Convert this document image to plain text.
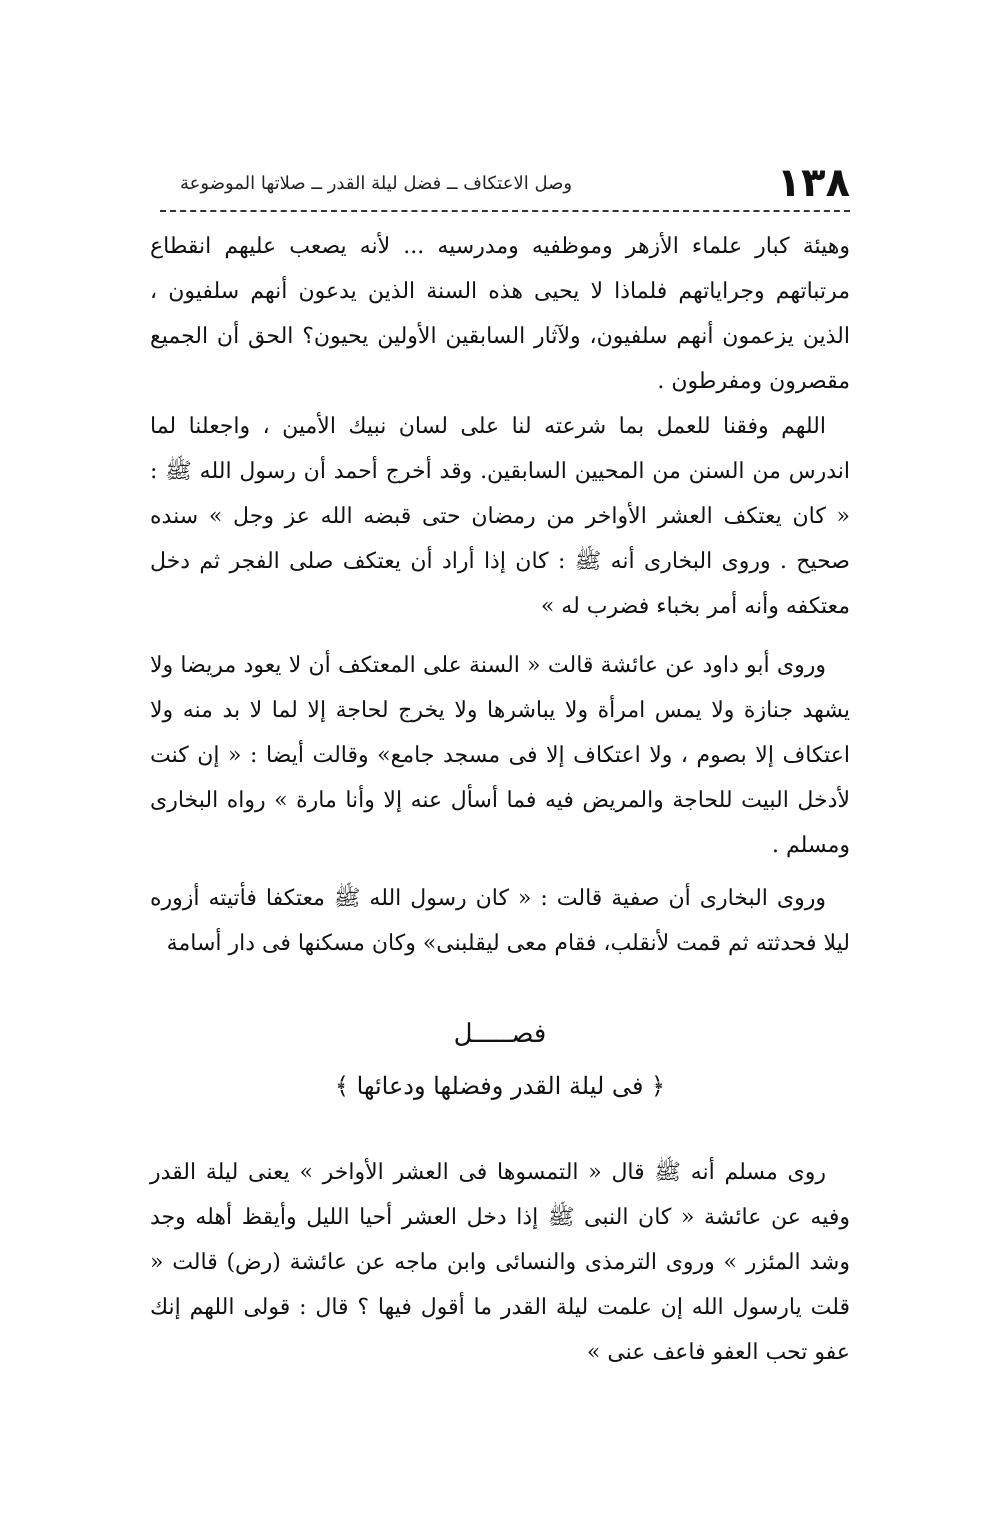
١٣٨
وصل الاعتكاف ــ فضل ليلة القدر ــ صلاتها الموضوعة

وهيئة كبار علماء الأزهر وموظفيه ومدرسيه ... لأنه يصعب عليهم انقطاع مرتباتهم وجراياتهم فلماذا لا يحيى هذه السنة الذين يدعون أنهم سلفيون ، الذين يزعمون أنهم سلفيون، ولآثار السابقين الأولين يحيون؟ الحق أن الجميع مقصرون ومفرطون .

اللهم وفقنا للعمل بما شرعته لنا على لسان نبيك الأمين ، واجعلنا لما اندرس من السنن من المحيين السابقين. وقد أخرج أحمد أن رسول الله ﷺ : « كان يعتكف العشر الأواخر من رمضان حتى قبضه الله عز وجل » سنده صحيح . وروى البخارى أنه ﷺ : كان إذا أراد أن يعتكف صلى الفجر ثم دخل معتكفه وأنه أمر بخباء فضرب له »

وروى أبو داود عن عائشة قالت « السنة على المعتكف أن لا يعود مريضا ولا يشهد جنازة ولا يمس امرأة ولا يباشرها ولا يخرج لحاجة إلا لما لا بد منه ولا اعتكاف إلا بصوم ، ولا اعتكاف إلا فى مسجد جامع» وقالت أيضا : « إن كنت لأدخل البيت للحاجة والمريض فيه فما أسأل عنه إلا وأنا مارة » رواه البخارى ومسلم .

وروى البخارى أن صفية قالت : « كان رسول الله ﷺ معتكفا فأتيته أزوره ليلا فحدثته ثم قمت لأنقلب، فقام معى ليقلبنى» وكان مسكنها فى دار أسامة

فصـــــل

﴿ فى ليلة القدر وفضلها ودعائها ﴾

روى مسلم أنه ﷺ قال « التمسوها فى العشر الأواخر » يعنى ليلة القدر وفيه عن عائشة « كان النبى ﷺ إذا دخل العشر أحيا الليل وأيقظ أهله وجد وشد المئزر » وروى الترمذى والنسائى وابن ماجه عن عائشة (رض) قالت « قلت يارسول الله إن علمت ليلة القدر ما أقول فيها ؟ قال : قولى اللهم إنك عفو تحب العفو فاعف عنى »
